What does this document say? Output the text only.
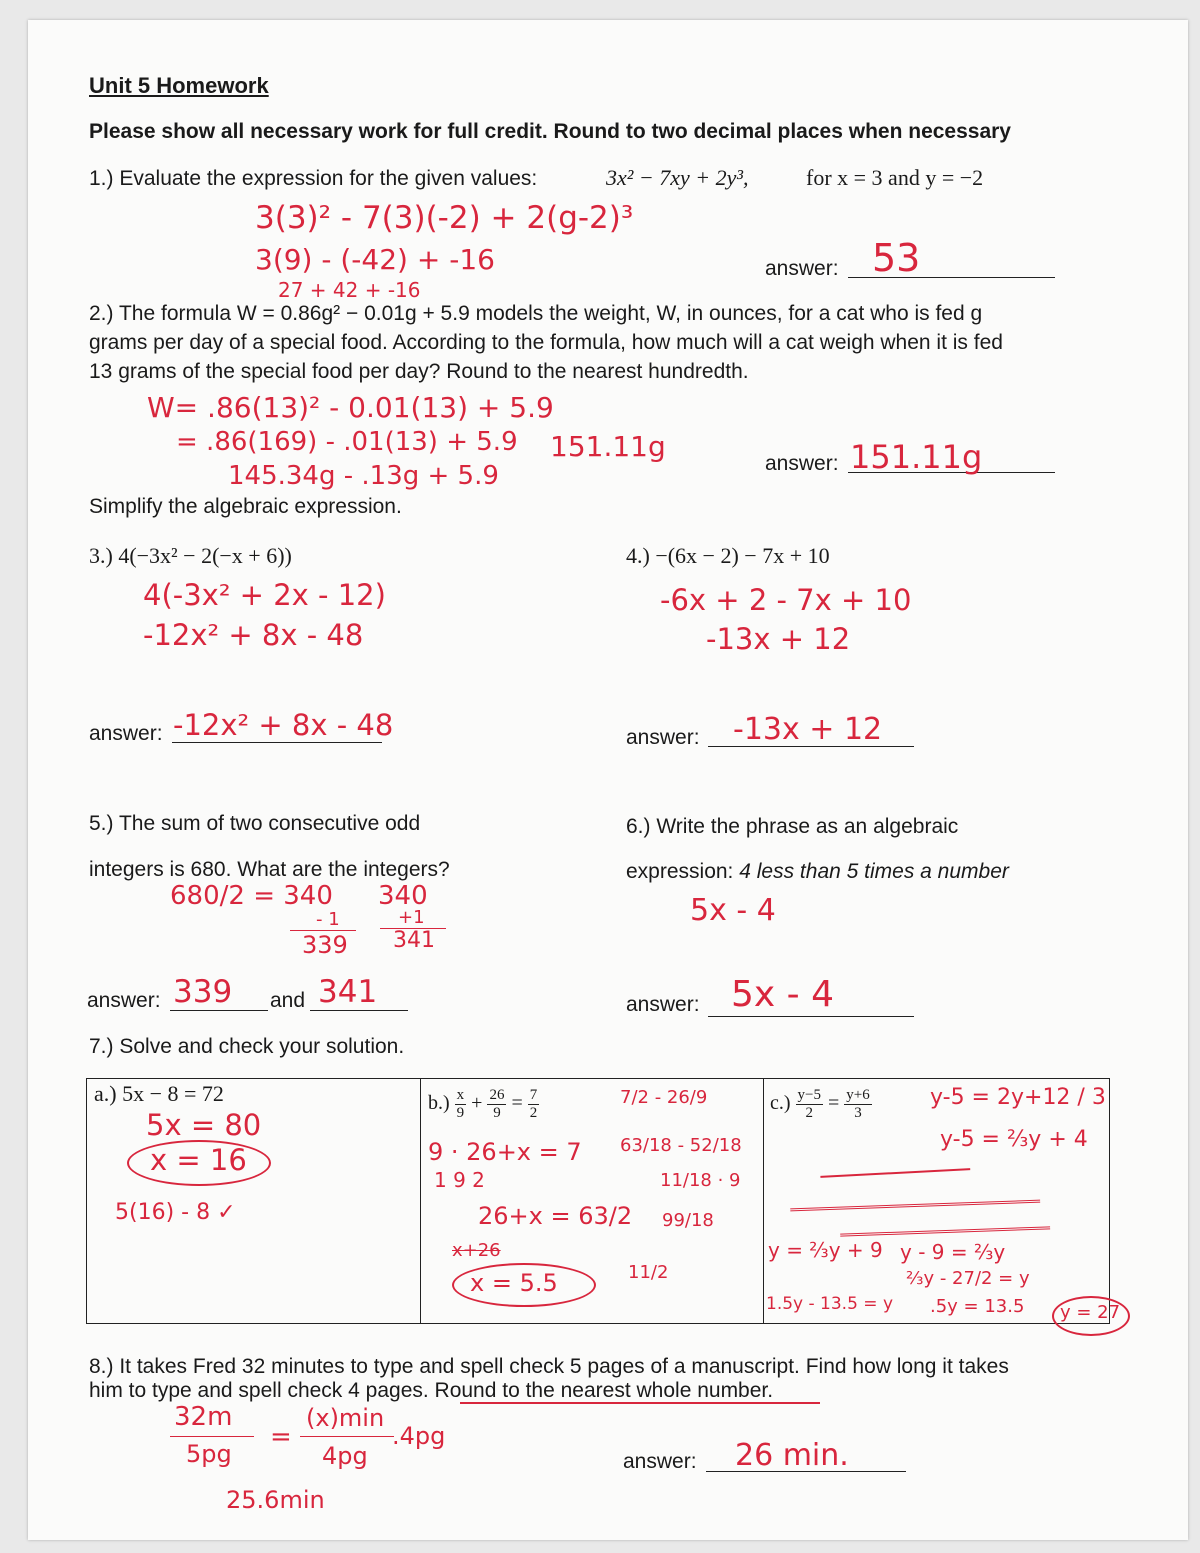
Unit 5 Homework
Please show all necessary work for full credit. Round to two decimal places when necessary
1.) Evaluate the expression for the given values:	3x² − 7xy + 2y³,	for x = 3 and y = −2
3(3)² - 7(3)(-2) + 2(g-2)³
3(9) - (-42) + -16
27 + 42 + -16
answer: 53
2.) The formula W = 0.86g² − 0.01g + 5.9 models the weight, W, in ounces, for a cat who is fed g
grams per day of a special food. According to the formula, how much will a cat weigh when it is fed
13 grams of the special food per day? Round to the nearest hundredth.
W= .86(13)² - 0.01(13) + 5.9
= .86(169) - .01(13) + 5.9
145.34g - .13g + 5.9
151.11g
answer: 151.11g
Simplify the algebraic expression.
3.) 4(−3x² − 2(−x + 6))
4(-3x² + 2x - 12)
-12x² + 8x - 48
answer: -12x² + 8x - 48
4.) −(6x − 2) − 7x + 10
-6x + 2 - 7x + 10
-13x + 12
answer: -13x + 12
5.) The sum of two consecutive odd
integers is 680. What are the integers?
680/2 = 340
- 1
339
340
+1
341
answer: 339 and 341
6.) Write the phrase as an algebraic
expression: 4 less than 5 times a number
5x - 4
answer: 5x - 4
7.) Solve and check your solution.
a.) 5x − 8 = 72
5x = 80
x = 16
5(16) - 8 ✓
$b.) \frac{x}{9} + \frac{26}{9} = \frac{7}{2}$
9 · 26+x = 7
1 9 2
26+x = 63/2
x+26
x = 5.5
7/2 - 26/9
63/18 - 52/18
11/18 · 9
99/18
11/2
$c.) \frac{y-5}{2} = \frac{y+6}{3}$	y-5 = 2y+12 / 3
y-5 = ⅔y + 4
y = ⅔y + 9 y - 9 = ⅔y
⅔y - 27/2 = y
1.5y - 13.5 = y .5y = 13.5 y = 27
8.) It takes Fred 32 minutes to type and spell check 5 pages of a manuscript. Find how long it takes
him to type and spell check 4 pages. Round to the nearest whole number.
32m
5pg
=
(x)min
4pg
.4pg
25.6min
answer: 26 min.
